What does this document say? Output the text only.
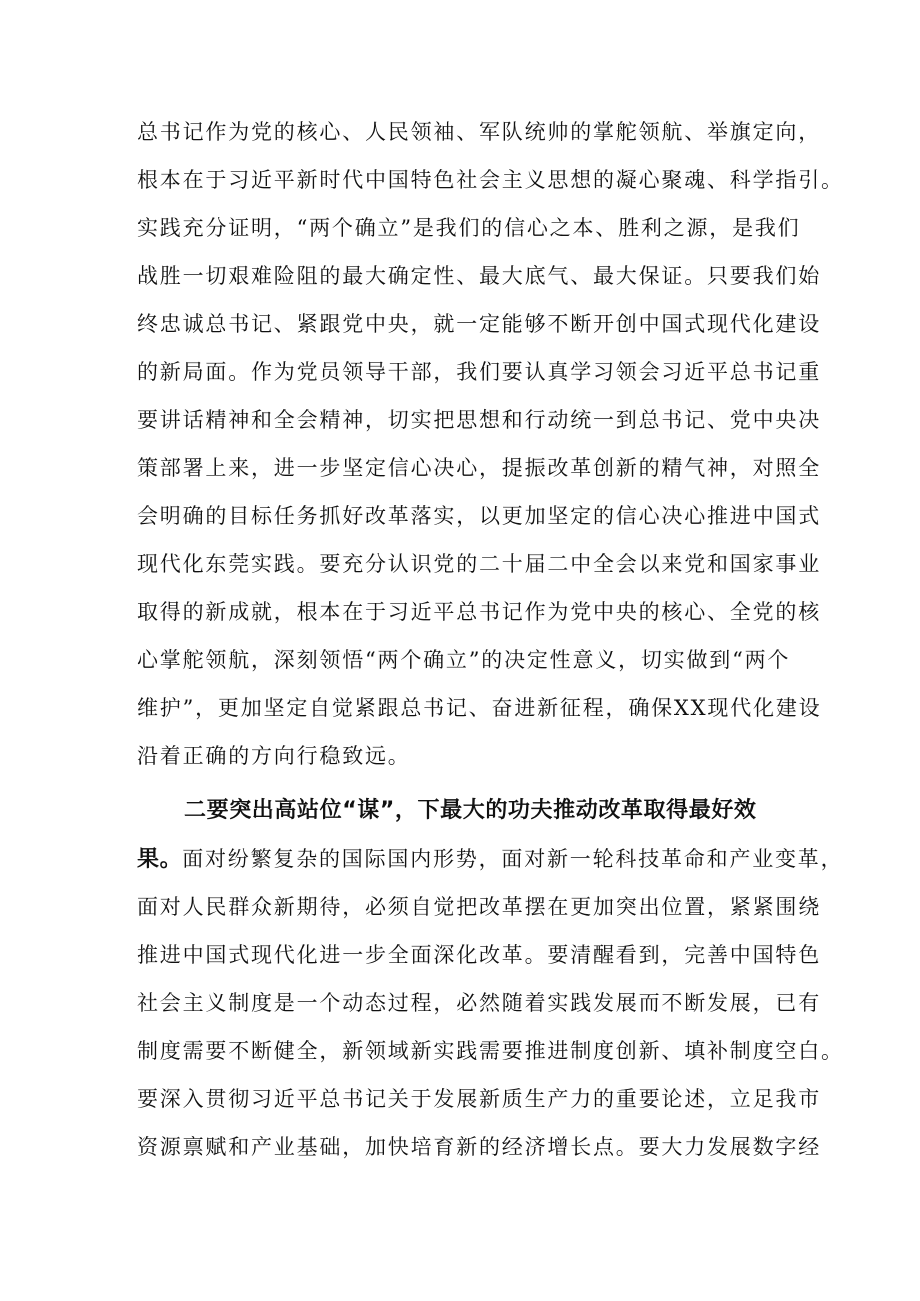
总书记作为党的核心、人民领袖、军队统帅的掌舵领航、举旗定向，
根本在于习近平新时代中国特色社会主义思想的凝心聚魂、科学指引。
实践充分证明，“两个确立”是我们的信心之本、胜利之源，是我们
战胜一切艰难险阻的最大确定性、最大底气、最大保证。只要我们始
终忠诚总书记、紧跟党中央，就一定能够不断开创中国式现代化建设
的新局面。作为党员领导干部，我们要认真学习领会习近平总书记重
要讲话精神和全会精神，切实把思想和行动统一到总书记、党中央决
策部署上来，进一步坚定信心决心，提振改革创新的精气神，对照全
会明确的目标任务抓好改革落实，以更加坚定的信心决心推进中国式
现代化东莞实践。要充分认识党的二十届二中全会以来党和国家事业
取得的新成就，根本在于习近平总书记作为党中央的核心、全党的核
心掌舵领航，深刻领悟“两个确立”的决定性意义，切实做到“两个
维护”，更加坚定自觉紧跟总书记、奋进新征程，确保XX现代化建设
沿着正确的方向行稳致远。
二要突出高站位“谋”，下最大的功夫推动改革取得最好效
果。面对纷繁复杂的国际国内形势，面对新一轮科技革命和产业变革，
面对人民群众新期待，必须自觉把改革摆在更加突出位置，紧紧围绕
推进中国式现代化进一步全面深化改革。要清醒看到，完善中国特色
社会主义制度是一个动态过程，必然随着实践发展而不断发展，已有
制度需要不断健全，新领域新实践需要推进制度创新、填补制度空白。
要深入贯彻习近平总书记关于发展新质生产力的重要论述，立足我市
资源禀赋和产业基础，加快培育新的经济增长点。要大力发展数字经
